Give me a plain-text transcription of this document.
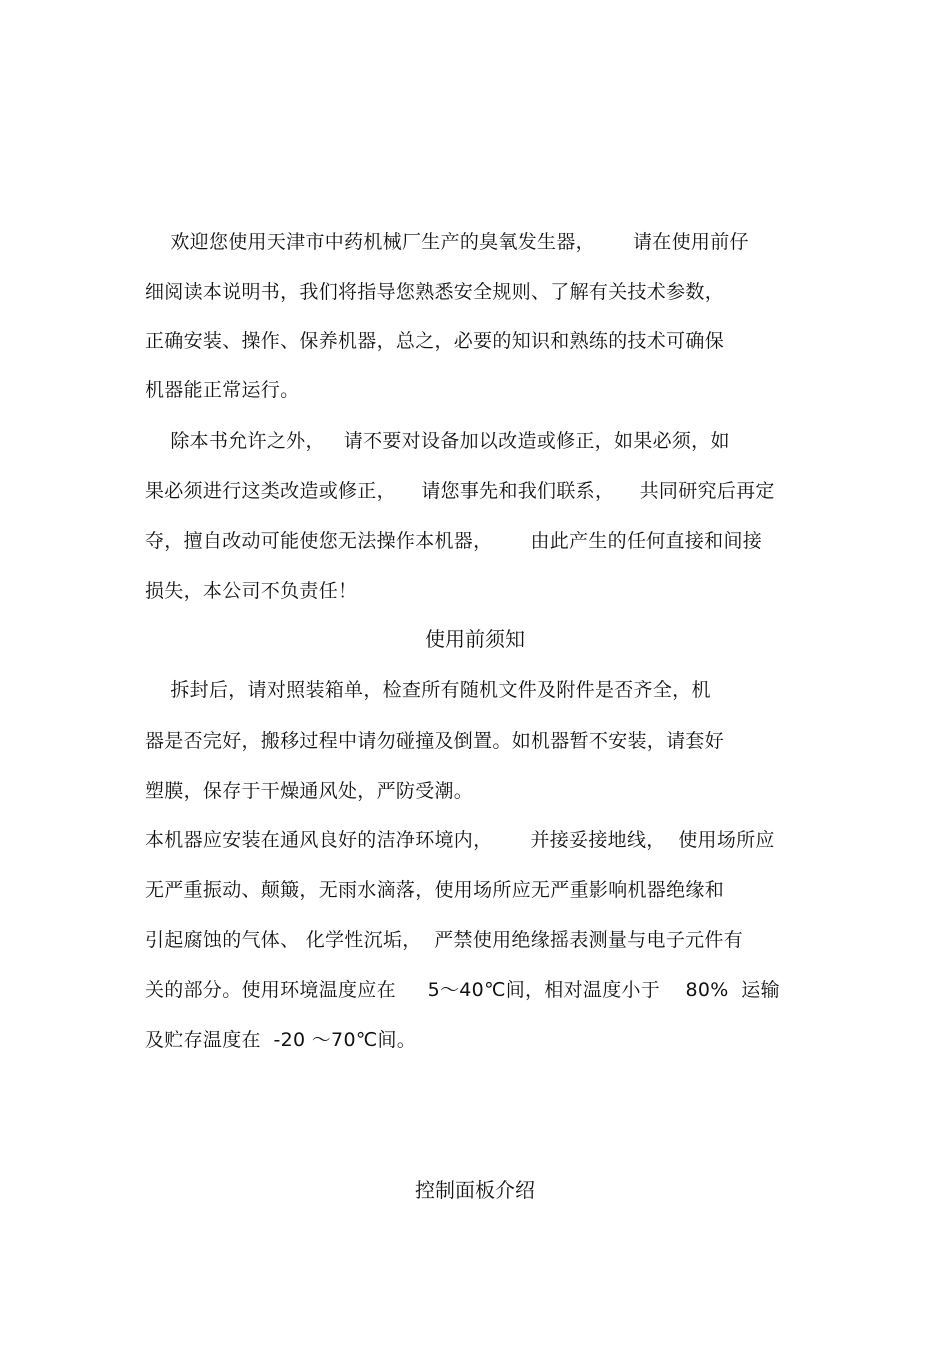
欢迎您使用天津市中药机械厂生产的臭氧发生器，      请在使用前仔
细阅读本说明书，我们将指导您熟悉安全规则、了解有关技术参数，
正确安装、操作、保养机器，总之，必要的知识和熟练的技术可确保
机器能正常运行。
除本书允许之外，   请不要对设备加以改造或修正，如果必须，如
果必须进行这类改造或修正，    请您事先和我们联系，    共同研究后再定
夺，擅自改动可能使您无法操作本机器，      由此产生的任何直接和间接
损失，本公司不负责任！
使用前须知
拆封后，请对照装箱单，检查所有随机文件及附件是否齐全，机
器是否完好，搬移过程中请勿碰撞及倒置。如机器暂不安装，请套好
塑膜，保存于干燥通风处，严防受潮。
本机器应安装在通风良好的洁净环境内，      并接妥接地线，  使用场所应
无严重振动、颠簸，无雨水滴落，使用场所应无严重影响机器绝缘和
引起腐蚀的气体、 化学性沉垢，  严禁使用绝缘摇表测量与电子元件有
关的部分。使用环境温度应在     5～40℃间，相对温度小于    80%  运输
及贮存温度在  -20 ～70℃间。
控制面板介绍
